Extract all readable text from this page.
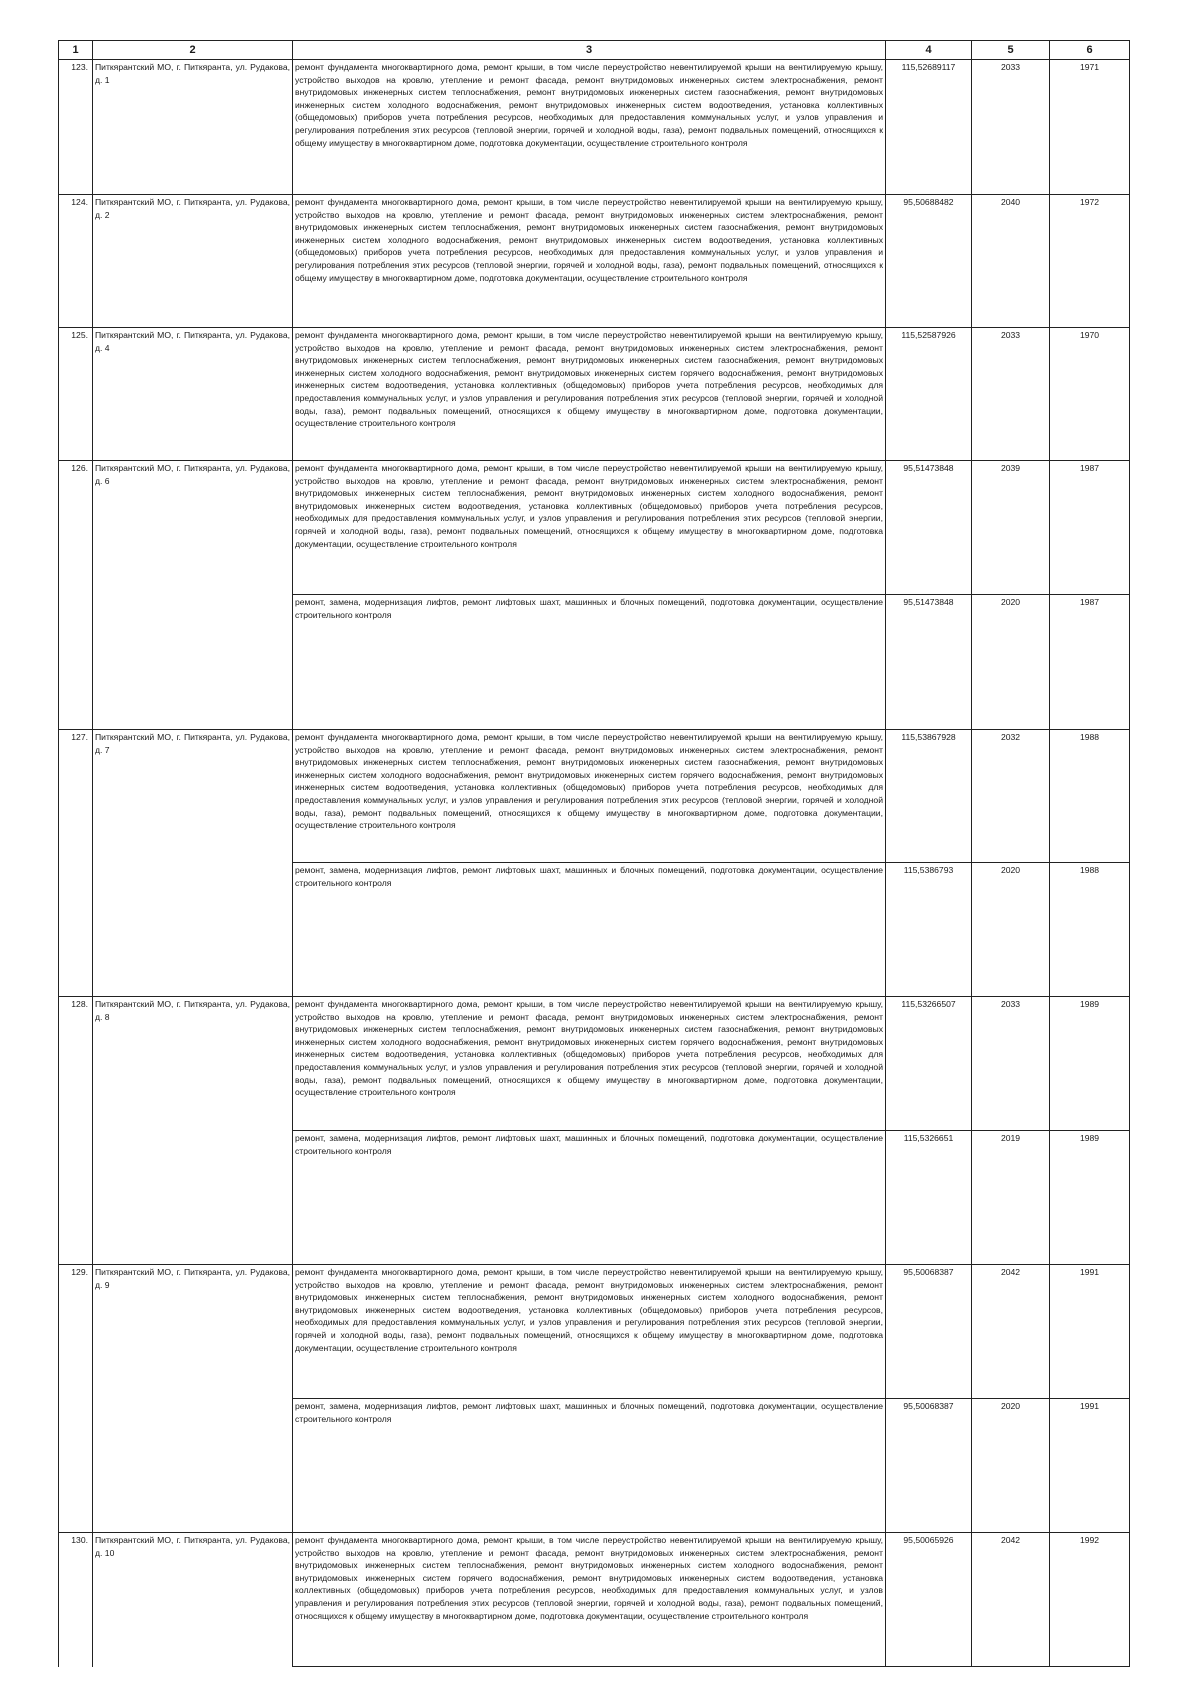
1	2	3	4	5	6
123.	Питкярантский МО, г. Питкяранта, ул. Рудакова, д. 1	ремонт фундамента многоквартирного дома, ремонт крыши, в том числе переустройство невентилируемой крыши на вентилируемую крышу, устройство выходов на кровлю, утепление и ремонт фасада, ремонт внутридомовых инженерных систем электроснабжения, ремонт внутридомовых инженерных систем теплоснабжения, ремонт внутридомовых инженерных систем газоснабжения, ремонт внутридомовых инженерных систем холодного водоснабжения, ремонт внутридомовых инженерных систем водоотведения, установка коллективных (общедомовых) приборов учета потребления ресурсов, необходимых для предоставления коммунальных услуг, и узлов управления и регулирования потребления этих ресурсов (тепловой энергии, горячей и холодной воды, газа), ремонт подвальных помещений, относящихся к общему имуществу в многоквартирном доме, подготовка документации, осуществление строительного контроля	115,52689117	2033	1971
124.	Питкярантский МО, г. Питкяранта, ул. Рудакова, д. 2	ремонт фундамента многоквартирного дома, ремонт крыши, в том числе переустройство невентилируемой крыши на вентилируемую крышу, устройство выходов на кровлю, утепление и ремонт фасада, ремонт внутридомовых инженерных систем электроснабжения, ремонт внутридомовых инженерных систем теплоснабжения, ремонт внутридомовых инженерных систем газоснабжения, ремонт внутридомовых инженерных систем холодного водоснабжения, ремонт внутридомовых инженерных систем водоотведения, установка коллективных (общедомовых) приборов учета потребления ресурсов, необходимых для предоставления коммунальных услуг, и узлов управления и регулирования потребления этих ресурсов (тепловой энергии, горячей и холодной воды, газа), ремонт подвальных помещений, относящихся к общему имуществу в многоквартирном доме, подготовка документации, осуществление строительного контроля	95,50688482	2040	1972
125.	Питкярантский МО, г. Питкяранта, ул. Рудакова, д. 4	ремонт фундамента многоквартирного дома, ремонт крыши, в том числе переустройство невентилируемой крыши на вентилируемую крышу, устройство выходов на кровлю, утепление и ремонт фасада, ремонт внутридомовых инженерных систем электроснабжения, ремонт внутридомовых инженерных систем теплоснабжения, ремонт внутридомовых инженерных систем газоснабжения, ремонт внутридомовых инженерных систем холодного водоснабжения, ремонт внутридомовых инженерных систем горячего водоснабжения, ремонт внутридомовых инженерных систем водоотведения, установка коллективных (общедомовых) приборов учета потребления ресурсов, необходимых для предоставления коммунальных услуг, и узлов управления и регулирования потребления этих ресурсов (тепловой энергии, горячей и холодной воды, газа), ремонт подвальных помещений, относящихся к общему имуществу в многоквартирном доме, подготовка документации, осуществление строительного контроля	115,52587926	2033	1970
126.	Питкярантский МО, г. Питкяранта, ул. Рудакова, д. 6	ремонт фундамента многоквартирного дома, ремонт крыши, в том числе переустройство невентилируемой крыши на вентилируемую крышу, устройство выходов на кровлю, утепление и ремонт фасада, ремонт внутридомовых инженерных систем электроснабжения, ремонт внутридомовых инженерных систем теплоснабжения, ремонт внутридомовых инженерных систем холодного водоснабжения, ремонт внутридомовых инженерных систем водоотведения, установка коллективных (общедомовых) приборов учета потребления ресурсов, необходимых для предоставления коммунальных услуг, и узлов управления и регулирования потребления этих ресурсов (тепловой энергии, горячей и холодной воды, газа), ремонт подвальных помещений, относящихся к общему имуществу в многоквартирном доме, подготовка документации, осуществление строительного контроля	95,51473848	2039	1987
		ремонт, замена, модернизация лифтов, ремонт лифтовых шахт, машинных и блочных помещений, подготовка документации, осуществление строительного контроля	95,51473848	2020	1987
127.	Питкярантский МО, г. Питкяранта, ул. Рудакова, д. 7	ремонт фундамента многоквартирного дома, ремонт крыши, в том числе переустройство невентилируемой крыши на вентилируемую крышу, устройство выходов на кровлю, утепление и ремонт фасада, ремонт внутридомовых инженерных систем электроснабжения, ремонт внутридомовых инженерных систем теплоснабжения, ремонт внутридомовых инженерных систем газоснабжения, ремонт внутридомовых инженерных систем холодного водоснабжения, ремонт внутридомовых инженерных систем горячего водоснабжения, ремонт внутридомовых инженерных систем водоотведения, установка коллективных (общедомовых) приборов учета потребления ресурсов, необходимых для предоставления коммунальных услуг, и узлов управления и регулирования потребления этих ресурсов (тепловой энергии, горячей и холодной воды, газа), ремонт подвальных помещений, относящихся к общему имуществу в многоквартирном доме, подготовка документации, осуществление строительного контроля	115,53867928	2032	1988
		ремонт, замена, модернизация лифтов, ремонт лифтовых шахт, машинных и блочных помещений, подготовка документации, осуществление строительного контроля	115,5386793	2020	1988
128.	Питкярантский МО, г. Питкяранта, ул. Рудакова, д. 8	ремонт фундамента многоквартирного дома, ремонт крыши, в том числе переустройство невентилируемой крыши на вентилируемую крышу, устройство выходов на кровлю, утепление и ремонт фасада, ремонт внутридомовых инженерных систем электроснабжения, ремонт внутридомовых инженерных систем теплоснабжения, ремонт внутридомовых инженерных систем газоснабжения, ремонт внутридомовых инженерных систем холодного водоснабжения, ремонт внутридомовых инженерных систем горячего водоснабжения, ремонт внутридомовых инженерных систем водоотведения, установка коллективных (общедомовых) приборов учета потребления ресурсов, необходимых для предоставления коммунальных услуг, и узлов управления и регулирования потребления этих ресурсов (тепловой энергии, горячей и холодной воды, газа), ремонт подвальных помещений, относящихся к общему имуществу в многоквартирном доме, подготовка документации, осуществление строительного контроля	115,53266507	2033	1989
		ремонт, замена, модернизация лифтов, ремонт лифтовых шахт, машинных и блочных помещений, подготовка документации, осуществление строительного контроля	115,5326651	2019	1989
129.	Питкярантский МО, г. Питкяранта, ул. Рудакова, д. 9	ремонт фундамента многоквартирного дома, ремонт крыши, в том числе переустройство невентилируемой крыши на вентилируемую крышу, устройство выходов на кровлю, утепление и ремонт фасада, ремонт внутридомовых инженерных систем электроснабжения, ремонт внутридомовых инженерных систем теплоснабжения, ремонт внутридомовых инженерных систем холодного водоснабжения, ремонт внутридомовых инженерных систем водоотведения, установка коллективных (общедомовых) приборов учета потребления ресурсов, необходимых для предоставления коммунальных услуг, и узлов управления и регулирования потребления этих ресурсов (тепловой энергии, горячей и холодной воды, газа), ремонт подвальных помещений, относящихся к общему имуществу в многоквартирном доме, подготовка документации, осуществление строительного контроля	95,50068387	2042	1991
		ремонт, замена, модернизация лифтов, ремонт лифтовых шахт, машинных и блочных помещений, подготовка документации, осуществление строительного контроля	95,50068387	2020	1991
130.	Питкярантский МО, г. Питкяранта, ул. Рудакова, д. 10	ремонт фундамента многоквартирного дома, ремонт крыши, в том числе переустройство невентилируемой крыши на вентилируемую крышу, устройство выходов на кровлю, утепление и ремонт фасада, ремонт внутридомовых инженерных систем электроснабжения, ремонт внутридомовых инженерных систем теплоснабжения, ремонт внутридомовых инженерных систем холодного водоснабжения, ремонт внутридомовых инженерных систем горячего водоснабжения, ремонт внутридомовых инженерных систем водоотведения, установка коллективных (общедомовых) приборов учета потребления ресурсов, необходимых для предоставления коммунальных услуг, и узлов управления и регулирования потребления этих ресурсов (тепловой энергии, горячей и холодной воды, газа), ремонт подвальных помещений, относящихся к общему имуществу в многоквартирном доме, подготовка документации, осуществление строительного контроля	95,50065926	2042	1992
